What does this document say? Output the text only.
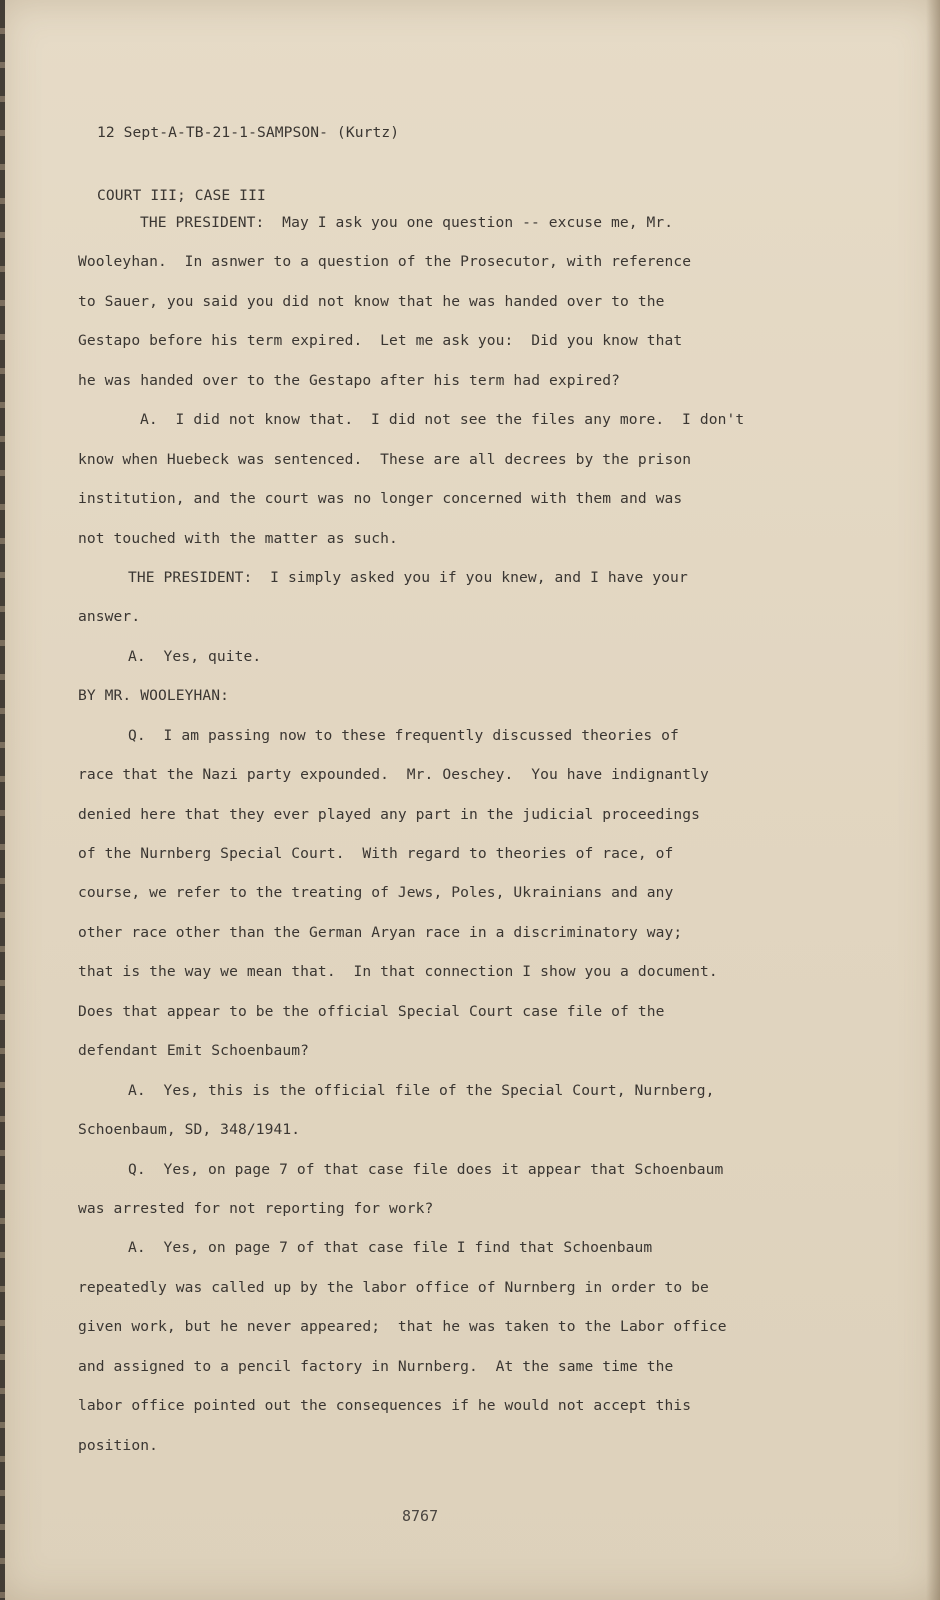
12 Sept-A-TB-21-1-SAMPSON- (Kurtz)

COURT III; CASE III

THE PRESIDENT:  May I ask you one question -- excuse me, Mr.
Wooleyhan.  In asnwer to a question of the Prosecutor, with reference
to Sauer, you said you did not know that he was handed over to the
Gestapo before his term expired.  Let me ask you:  Did you know that
he was handed over to the Gestapo after his term had expired?
A.  I did not know that.  I did not see the files any more.  I don't
know when Huebeck was sentenced.  These are all decrees by the prison
institution, and the court was no longer concerned with them and was
not touched with the matter as such.
THE PRESIDENT:  I simply asked you if you knew, and I have your
answer.
A.  Yes, quite.
BY MR. WOOLEYHAN:
Q.  I am passing now to these frequently discussed theories of
race that the Nazi party expounded.  Mr. Oeschey.  You have indignantly
denied here that they ever played any part in the judicial proceedings
of the Nurnberg Special Court.  With regard to theories of race, of
course, we refer to the treating of Jews, Poles, Ukrainians and any
other race other than the German Aryan race in a discriminatory way;
that is the way we mean that.  In that connection I show you a document.
Does that appear to be the official Special Court case file of the
defendant Emit Schoenbaum?
A.  Yes, this is the official file of the Special Court, Nurnberg,
Schoenbaum, SD, 348/1941.
Q.  Yes, on page 7 of that case file does it appear that Schoenbaum
was arrested for not reporting for work?
A.  Yes, on page 7 of that case file I find that Schoenbaum
repeatedly was called up by the labor office of Nurnberg in order to be
given work, but he never appeared;  that he was taken to the Labor office
and assigned to a pencil factory in Nurnberg.  At the same time the
labor office pointed out the consequences if he would not accept this
position.
8767
